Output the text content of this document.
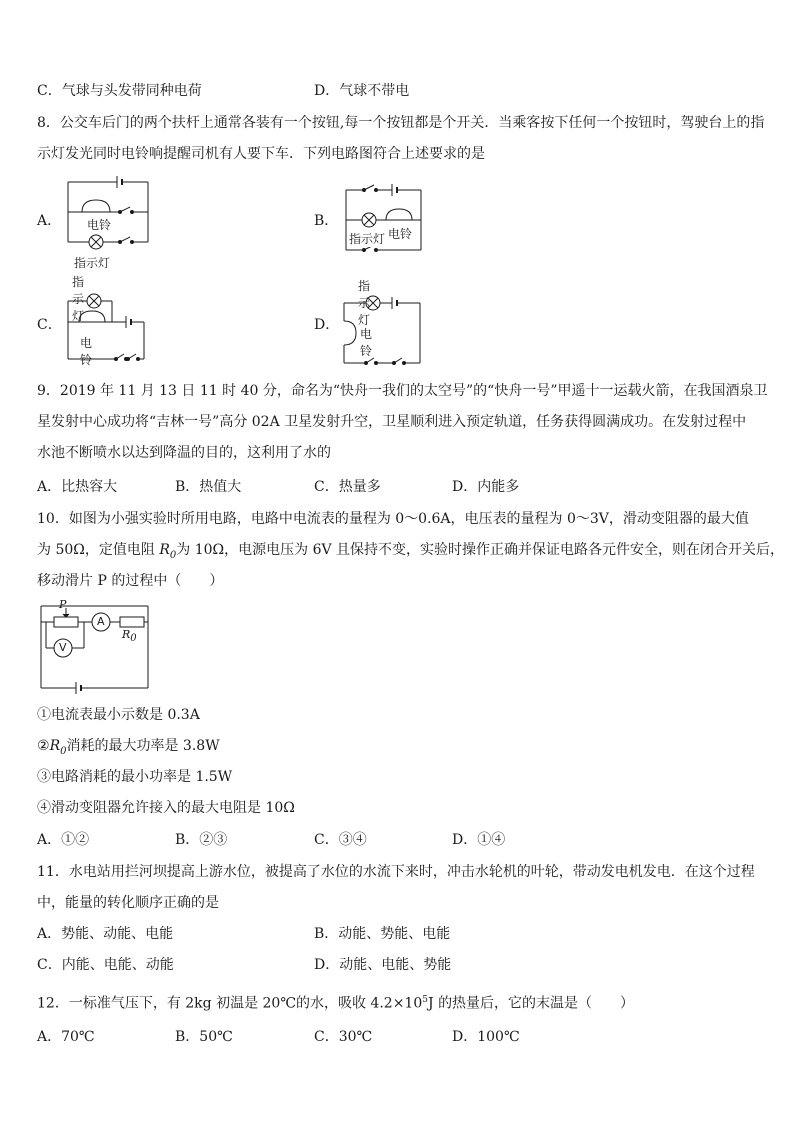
C．气球与头发带同种电荷	D．气球不带电
8．公交车后门的两个扶杆上通常各装有一个按钮,每一个按钮都是个开关．当乘客按下任何一个按钮时，驾驶台上的指
示灯发光同时电铃响提醒司机有人要下车．下列电路图符合上述要求的是
A． 电铃
指示灯
B．
指示灯 电铃
C．
指示灯
电铃
D．
指示灯
电铃
9．2019 年 11 月 13 日 11 时 40 分，命名为“快舟一我们的太空号”的“快舟一号”甲遥十一运载火箭，在我国酒泉卫
星发射中心成功将“吉林一号”高分 02A 卫星发射升空，卫星顺利进入预定轨道，任务获得圆满成功。在发射过程中
水池不断喷水以达到降温的目的，这利用了水的
A．比热容大	B．热值大	C．热量多	D．内能多
10．如图为小强实验时所用电路，电路中电流表的量程为 0～0.6A，电压表的量程为 0～3V，滑动变阻器的最大值
为 50Ω，定值电阻 $R_0$为 10Ω，电源电压为 6V 且保持不变，实验时操作正确并保证电路各元件安全，则在闭合开关后，
移动滑片 P 的过程中（　　）
P
A
V
$R_0$
①电流表最小示数是 0.3A
$②R_0$消耗的最大功率是 3.8W
③电路消耗的最小功率是 1.5W
④滑动变阻器允许接入的最大电阻是 10Ω
A．①②	B．②③	C．③④	D．①④
11．水电站用拦河坝提高上游水位，被提高了水位的水流下来时，冲击水轮机的叶轮，带动发电机发电．在这个过程
中，能量的转化顺序正确的是
A．势能、动能、电能	B．动能、势能、电能
C．内能、电能、动能	D．动能、电能、势能
12．一标准气压下，有 2kg 初温是 20℃的水，吸收 $4.2\times 10^5J$ 的热量后，它的末温是（　　）
A．70℃	B．50℃	C．30℃	D．100℃
